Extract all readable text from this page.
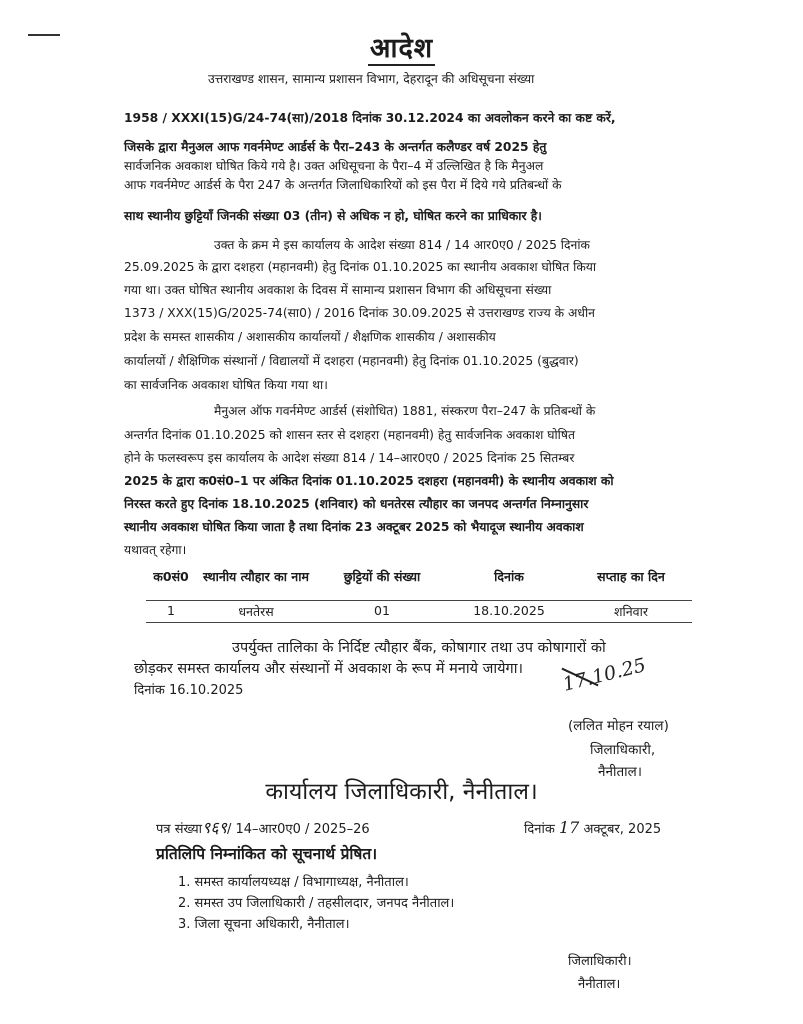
आदेश
उत्तराखण्ड शासन, सामान्य प्रशासन विभाग, देहरादून की अधिसूचना संख्या
1958 / XXXI(15)G/24-74(सा)/2018 दिनांक 30.12.2024 का अवलोकन करने का कष्ट करें,
जिसके द्वारा मैनुअल आफ गवर्नमेण्ट आर्डर्स के पैरा–243 के अन्तर्गत कलैण्डर वर्ष 2025 हेतु
सार्वजनिक अवकाश घोषित किये गये है। उक्त अधिसूचना के पैरा–4 में उल्लिखित है कि मैनुअल
आफ गवर्नमेण्ट आर्डर्स के पैरा 247 के अन्तर्गत जिलाधिकारियों को इस पैरा में दिये गये प्रतिबन्धों के
साथ स्थानीय छुट्टियाँ जिनकी संख्या 03 (तीन) से अधिक न हो, घोषित करने का प्राधिकार है।
उक्त के क्रम मे इस कार्यालय के आदेश संख्या 814 / 14 आर0ए0 / 2025 दिनांक
25.09.2025 के द्वारा दशहरा (महानवमी) हेतु दिनांक 01.10.2025 का स्थानीय अवकाश घोषित किया
गया था। उक्त घोषित स्थानीय अवकाश के दिवस में सामान्य प्रशासन विभाग की अधिसूचना संख्या
1373 / XXX(15)G/2025-74(सा0) / 2016 दिनांक 30.09.2025 से उत्तराखण्ड राज्य के अधीन
प्रदेश के समस्त शासकीय / अशासकीय कार्यालयों / शैक्षणिक शासकीय / अशासकीय
कार्यालयों / शैक्षिणिक संस्थानों / विद्यालयों में दशहरा (महानवमी) हेतु दिनांक 01.10.2025 (बुद्धवार)
का सार्वजनिक अवकाश घोषित किया गया था।
मैनुअल ऑफ गवर्नमेण्ट आर्डर्स (संशोधित) 1881, संस्करण पैरा–247 के प्रतिबन्धों के
अन्तर्गत दिनांक 01.10.2025 को शासन स्तर से दशहरा (महानवमी) हेतु सार्वजनिक अवकाश घोषित
होने के फलस्वरूप इस कार्यालय के आदेश संख्या 814 / 14–आर0ए0 / 2025 दिनांक 25 सितम्बर
2025 के द्वारा क0सं0–1 पर अंकित दिनांक 01.10.2025 दशहरा (महानवमी) के स्थानीय अवकाश को
निरस्त करते हुए दिनांक 18.10.2025 (शनिवार) को धनतेरस त्यौहार का जनपद अन्तर्गत निम्नानुसार
स्थानीय अवकाश घोषित किया जाता है तथा दिनांक 23 अक्टूबर 2025 को भैयादूज स्थानीय अवकाश
यथावत् रहेगा।
क0सं0	स्थानीय त्यौहार का नाम	छुट्टियों की संख्या	दिनांक	सप्ताह का दिन
1	धनतेरस	01	18.10.2025	शनिवार
उपर्युक्त तालिका के निर्दिष्ट त्यौहार बैंक, कोषागार तथा उप कोषागारों को
छोड़कर समस्त कार्यालय और संस्थानों में अवकाश के रूप में मनाये जायेगा।
दिनांक 16.10.2025	17.10.25
(ललित मोहन रयाल)
जिलाधिकारी,
नैनीताल।
कार्यालय जिलाधिकारी, नैनीताल।
पत्र संख्या९६९/ 14–आर0ए0 / 2025–26	दिनांक 17 अक्टूबर, 2025
प्रतिलिपि निम्नांकित को सूचनार्थ प्रेषित।
1. समस्त कार्यालयध्यक्ष / विभागाध्यक्ष, नैनीताल।
2. समस्त उप जिलाधिकारी / तहसीलदार, जनपद नैनीताल।
3. जिला सूचना अधिकारी, नैनीताल।
जिलाधिकारी।
नैनीताल।
